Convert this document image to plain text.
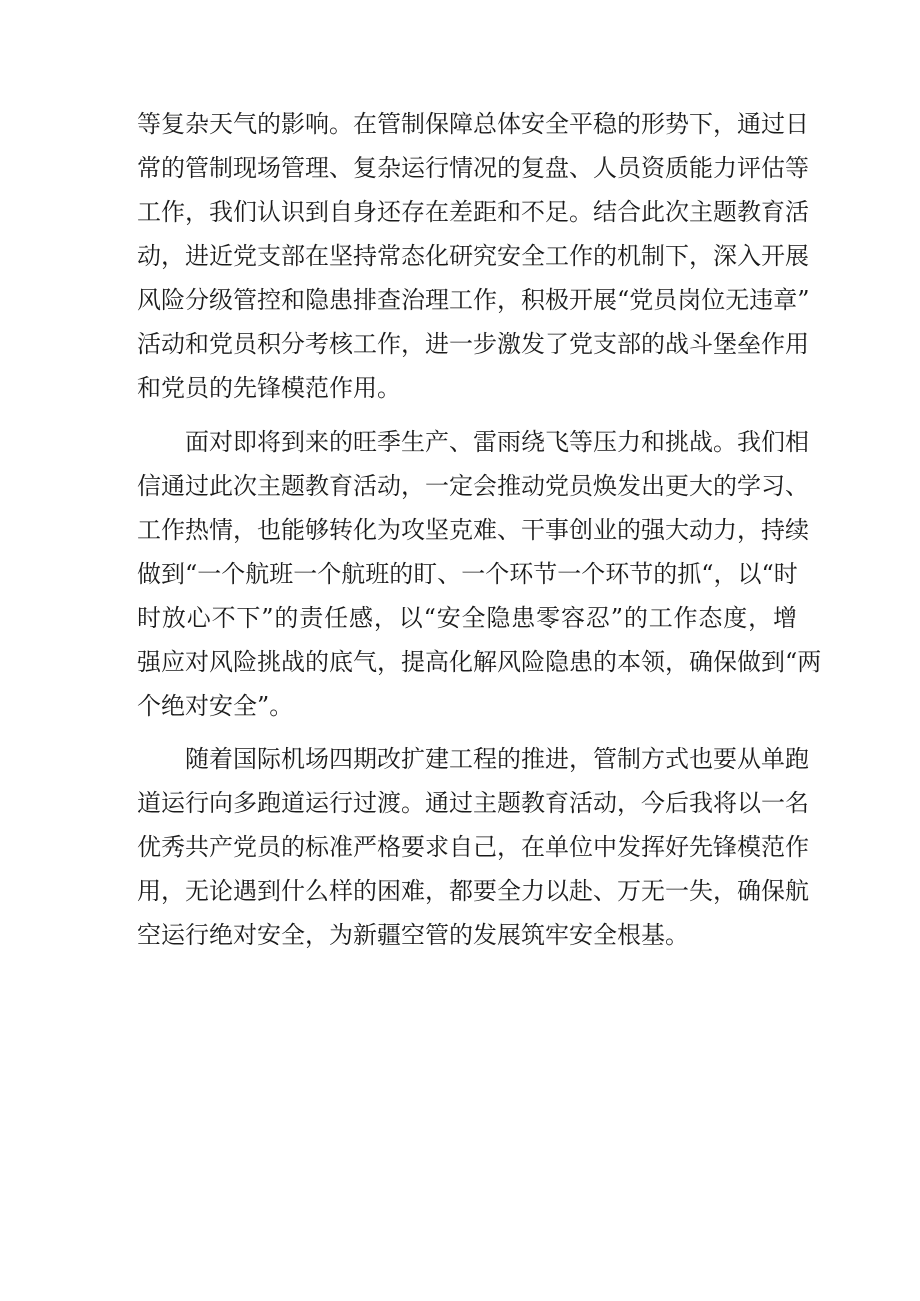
等复杂天气的影响。在管制保障总体安全平稳的形势下，通过日
常的管制现场管理、复杂运行情况的复盘、人员资质能力评估等
工作，我们认识到自身还存在差距和不足。结合此次主题教育活
动，进近党支部在坚持常态化研究安全工作的机制下，深入开展
风险分级管控和隐患排查治理工作，积极开展“党员岗位无违章”
活动和党员积分考核工作，进一步激发了党支部的战斗堡垒作用
和党员的先锋模范作用。
面对即将到来的旺季生产、雷雨绕飞等压力和挑战。我们相
信通过此次主题教育活动，一定会推动党员焕发出更大的学习、
工作热情，也能够转化为攻坚克难、干事创业的强大动力，持续
做到“一个航班一个航班的盯、一个环节一个环节的抓“，以“时
时放心不下”的责任感，以“安全隐患零容忍”的工作态度，增
强应对风险挑战的底气，提高化解风险隐患的本领，确保做到“两
个绝对安全”。
随着国际机场四期改扩建工程的推进，管制方式也要从单跑
道运行向多跑道运行过渡。通过主题教育活动，今后我将以一名
优秀共产党员的标准严格要求自己，在单位中发挥好先锋模范作
用，无论遇到什么样的困难，都要全力以赴、万无一失，确保航
空运行绝对安全，为新疆空管的发展筑牢安全根基。
